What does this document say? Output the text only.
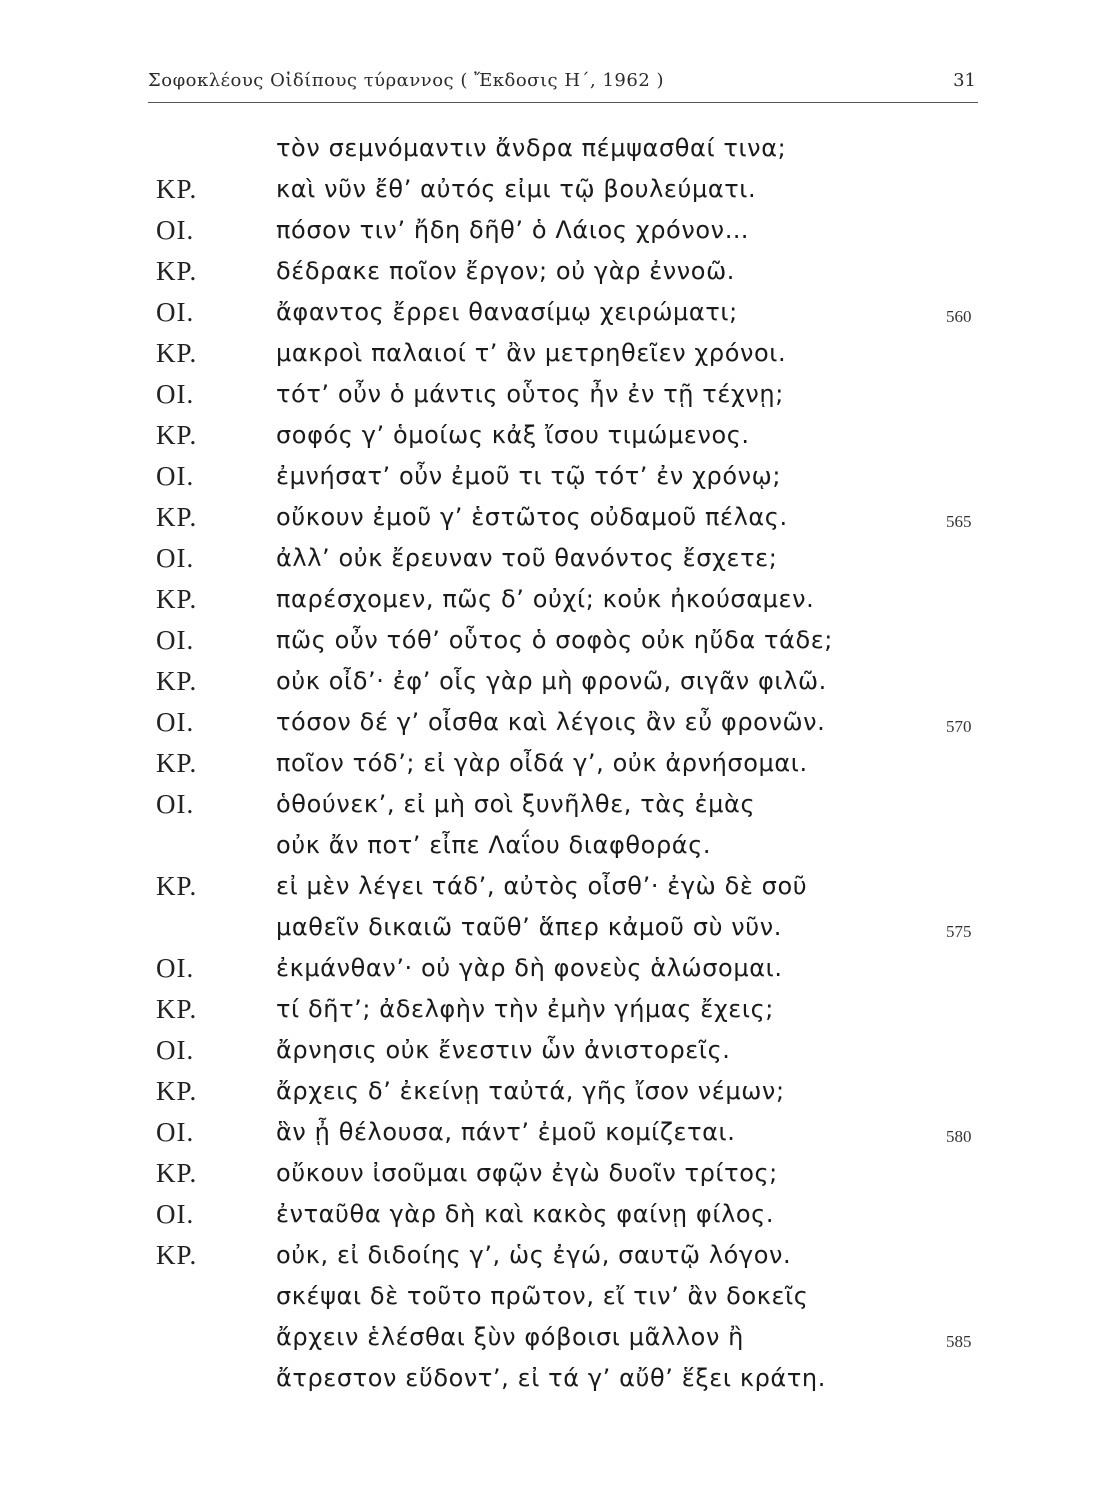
Σοφοκλέους Οἰδίπους τύραννος ( Ἔκδοσις Η΄, 1962 )	31
τὸν σεμνόμαντιν ἄνδρα πέμψασθαί τινα;
ΚΡ.	καὶ νῦν ἔθ’ αὐτός εἰμι τῷ βουλεύματι.
ΟΙ.	πόσον τιν’ ἤδη δῆθ’ ὁ Λάιος χρόνον…
ΚΡ.	δέδρακε ποῖον ἔργον; οὐ γὰρ ἐννοῶ.
ΟΙ.	ἄφαντος ἔρρει θανασίμῳ χειρώματι;	560
ΚΡ.	μακροὶ παλαιοί τ’ ἂν μετρηθεῖεν χρόνοι.
ΟΙ.	τότ’ οὖν ὁ μάντις οὗτος ἦν ἐν τῇ τέχνῃ;
ΚΡ.	σοφός γ’ ὁμοίως κἀξ ἴσου τιμώμενος.
ΟΙ.	ἐμνήσατ’ οὖν ἐμοῦ τι τῷ τότ’ ἐν χρόνῳ;
ΚΡ.	οὔκουν ἐμοῦ γ’ ἑστῶτος οὐδαμοῦ πέλας.	565
ΟΙ.	ἀλλ’ οὐκ ἔρευναν τοῦ θανόντος ἔσχετε;
ΚΡ.	παρέσχομεν, πῶς δ’ οὐχί; κοὐκ ἠκούσαμεν.
ΟΙ.	πῶς οὖν τόθ’ οὗτος ὁ σοφὸς οὐκ ηὔδα τάδε;
ΚΡ.	οὐκ οἶδ’· ἐφ’ οἷς γὰρ μὴ φρονῶ, σιγᾶν φιλῶ.
ΟΙ.	τόσον δέ γ’ οἶσθα καὶ λέγοις ἂν εὖ φρονῶν.	570
ΚΡ.	ποῖον τόδ’; εἰ γὰρ οἶδά γ’, οὐκ ἀρνήσομαι.
ΟΙ.	ὁθούνεκ’, εἰ μὴ σοὶ ξυνῆλθε, τὰς ἐμὰς
οὐκ ἄν ποτ’ εἶπε Λαΐου διαφθοράς.
ΚΡ.	εἰ μὲν λέγει τάδ’, αὐτὸς οἶσθ’· ἐγὼ δὲ σοῦ
μαθεῖν δικαιῶ ταῦθ’ ἅπερ κἀμοῦ σὺ νῦν.	575
ΟΙ.	ἐκμάνθαν’· οὐ γὰρ δὴ φονεὺς ἁλώσομαι.
ΚΡ.	τί δῆτ’; ἀδελφὴν τὴν ἐμὴν γήμας ἔχεις;
ΟΙ.	ἄρνησις οὐκ ἔνεστιν ὧν ἀνιστορεῖς.
ΚΡ.	ἄρχεις δ’ ἐκείνῃ ταὐτά, γῆς ἴσον νέμων;
ΟΙ.	ἃν ᾖ θέλουσα, πάντ’ ἐμοῦ κομίζεται.	580
ΚΡ.	οὔκουν ἰσοῦμαι σφῷν ἐγὼ δυοῖν τρίτος;
ΟΙ.	ἐνταῦθα γὰρ δὴ καὶ κακὸς φαίνῃ φίλος.
ΚΡ.	οὐκ, εἰ διδοίης γ’, ὡς ἐγώ, σαυτῷ λόγον.
σκέψαι δὲ τοῦτο πρῶτον, εἴ τιν’ ἂν δοκεῖς
ἄρχειν ἑλέσθαι ξὺν φόβοισι μᾶλλον ἢ	585
ἄτρεστον εὕδοντ’, εἰ τά γ’ αὔθ’ ἕξει κράτη.
